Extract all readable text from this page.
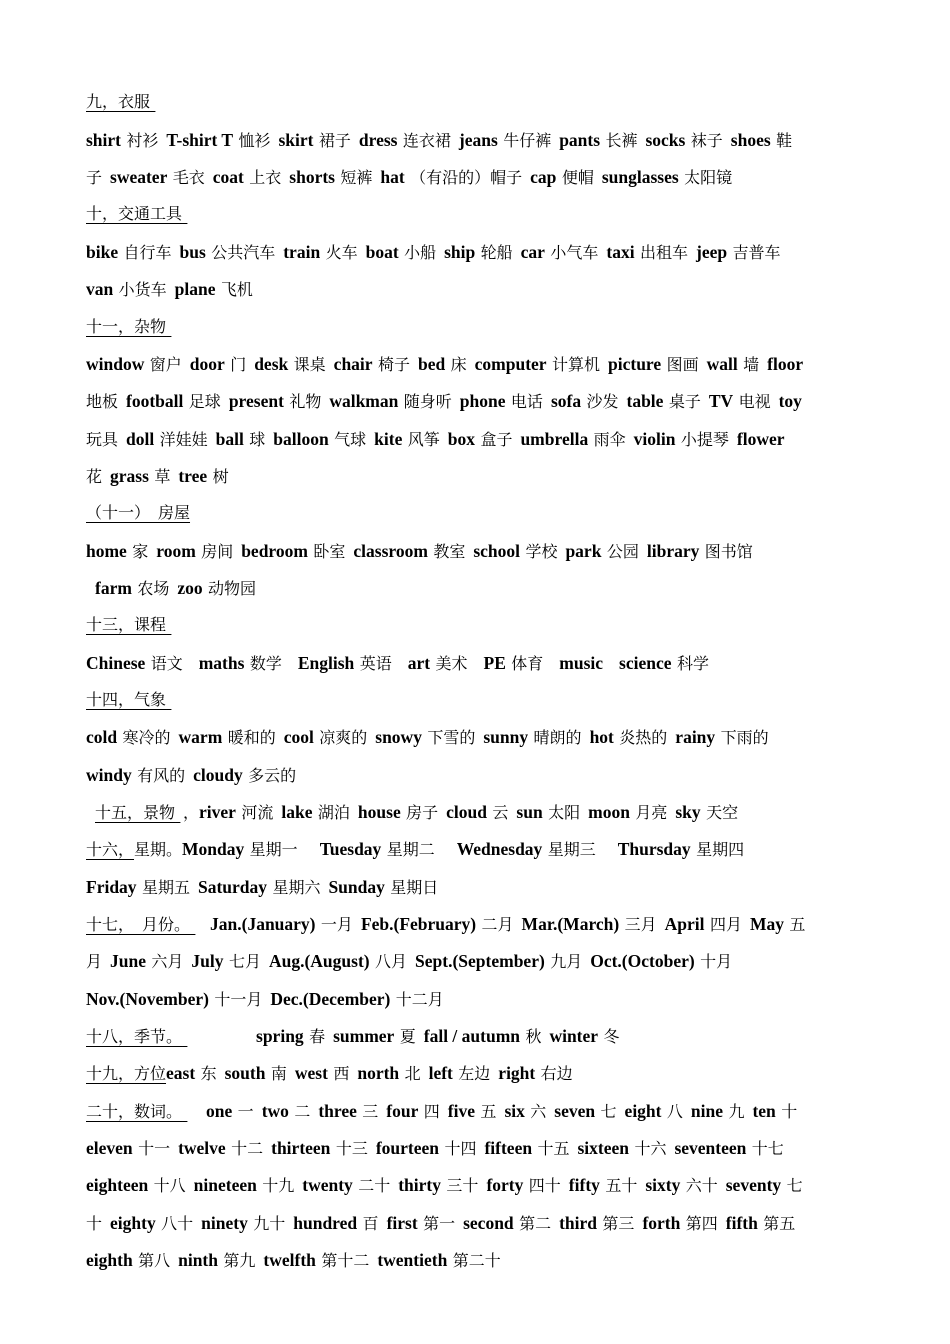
九，衣服
shirt 衬衫 T-shirt T 恤衫 skirt 裙子 dress 连衣裙 jeans 牛仔裤 pants 长裤 socks 袜子 shoes 鞋
子 sweater 毛衣 coat 上衣 shorts 短裤 hat （有沿的）帽子 cap 便帽 sunglasses 太阳镜
十，交通工具
bike 自行车 bus 公共汽车 train 火车 boat 小船 ship 轮船 car 小气车 taxi 出租车 jeep 吉普车
van 小货车 plane 飞机
十一，杂物
window 窗户 door 门 desk 课桌 chair 椅子 bed 床 computer 计算机 picture 图画 wall 墙 floor
地板 football 足球 present 礼物 walkman 随身听 phone 电话 sofa 沙发 table 桌子 TV 电视 toy
玩具 doll 洋娃娃 ball 球 balloon 气球 kite 风筝 box 盒子 umbrella 雨伞 violin 小提琴 flower
花 grass 草 tree 树
（十一）　房屋
home 家 room 房间 bedroom 卧室 classroom 教室 school 学校 park 公园 library 图书馆
farm 农场 zoo 动物园
十三，课程
Chinese 语文 maths 数学 English 英语 art 美术 PE 体育 music science 科学
十四，气象
cold 寒冷的 warm 暖和的 cool 凉爽的 snowy 下雪的 sunny 晴朗的 hot 炎热的 rainy 下雨的
windy 有风的 cloudy 多云的
十五，景物 ，river 河流 lake 湖泊 house 房子 cloud 云 sun 太阳 moon 月亮 sky 天空
十六，星期。Monday 星期一 Tuesday 星期二 Wednesday 星期三 Thursday 星期四
Friday 星期五 Saturday 星期六 Sunday 星期日
十七，　月份。 Jan.(January) 一月 Feb.(February) 二月 Mar.(March) 三月 April 四月 May 五
月 June 六月 July 七月 Aug.(August) 八月 Sept.(September) 九月 Oct.(October) 十月
Nov.(November) 十一月 Dec.(December) 十二月
十八，季节。	spring 春 summer 夏 fall / autumn 秋 winter 冬
十九，方位east 东 south 南 west 西 north 北 left 左边 right 右边
二十，数词。 one 一 two 二 three 三 four 四 five 五 six 六 seven 七 eight 八 nine 九 ten 十
eleven 十一 twelve 十二 thirteen 十三 fourteen 十四 fifteen 十五 sixteen 十六 seventeen 十七
eighteen 十八 nineteen 十九 twenty 二十 thirty 三十 forty 四十 fifty 五十 sixty 六十 seventy 七
十 eighty 八十 ninety 九十 hundred 百 first 第一 second 第二 third 第三 forth 第四 fifth 第五
eighth 第八 ninth 第九 twelfth 第十二 twentieth 第二十
